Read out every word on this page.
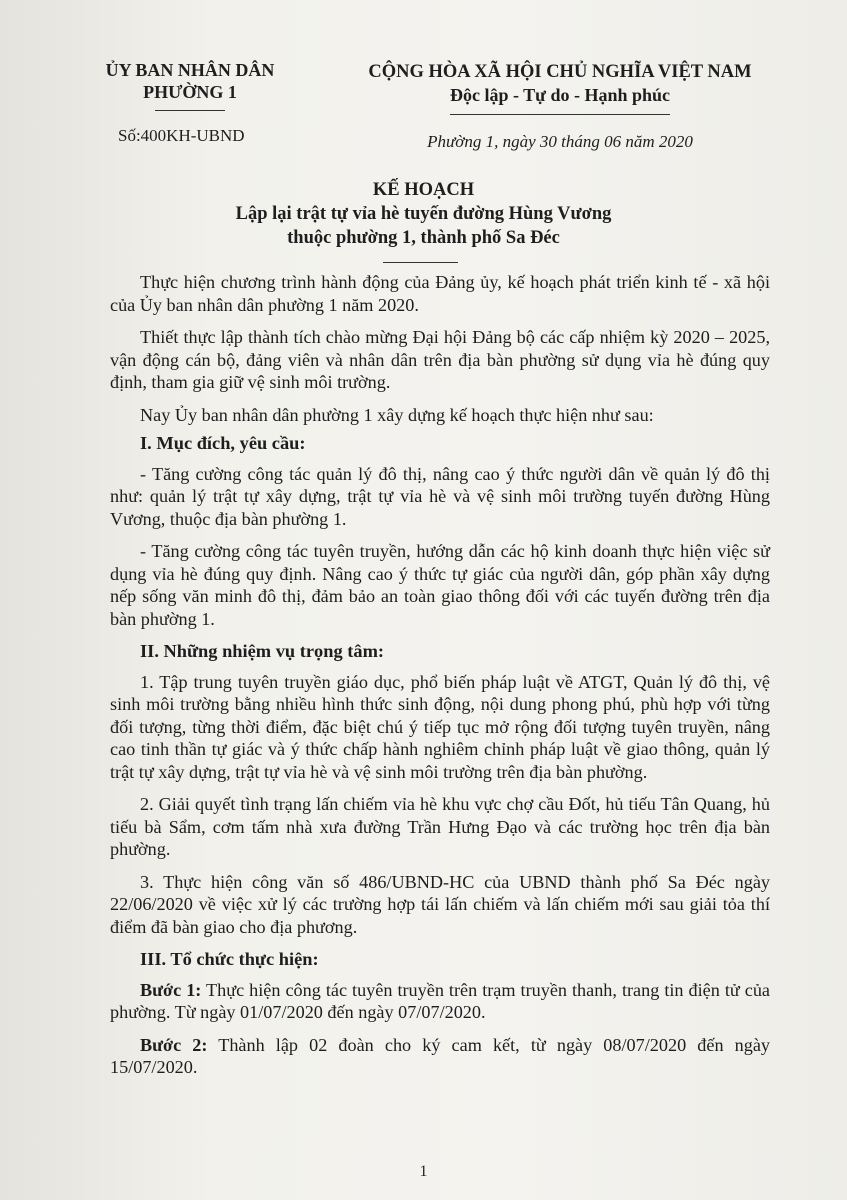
ỦY BAN NHÂN DÂN
PHƯỜNG 1
Số:400KH-UBND
CỘNG HÒA XÃ HỘI CHỦ NGHĨA VIỆT NAM
Độc lập - Tự do - Hạnh phúc
Phường 1, ngày 30 tháng 06 năm 2020
KẾ HOẠCH
Lập lại trật tự vỉa hè tuyến đường Hùng Vương
thuộc phường 1, thành phố Sa Đéc

Thực hiện chương trình hành động của Đảng ủy, kế hoạch phát triển kinh tế - xã hội của Ủy ban nhân dân phường 1 năm 2020.

Thiết thực lập thành tích chào mừng Đại hội Đảng bộ các cấp nhiệm kỳ 2020 – 2025, vận động cán bộ, đảng viên và nhân dân trên địa bàn phường sử dụng vỉa hè đúng quy định, tham gia giữ vệ sinh môi trường.

Nay Ủy ban nhân dân phường 1 xây dựng kế hoạch thực hiện như sau:

I. Mục đích, yêu cầu:

- Tăng cường công tác quản lý đô thị, nâng cao ý thức người dân về quản lý đô thị như: quản lý trật tự xây dựng, trật tự vỉa hè và vệ sinh môi trường tuyến đường Hùng Vương, thuộc địa bàn phường 1.

- Tăng cường công tác tuyên truyền, hướng dẫn các hộ kinh doanh thực hiện việc sử dụng vỉa hè đúng quy định. Nâng cao ý thức tự giác của người dân, góp phần xây dựng nếp sống văn minh đô thị, đảm bảo an toàn giao thông đối với các tuyến đường trên địa bàn phường 1.

II. Những nhiệm vụ trọng tâm:

1. Tập trung tuyên truyền giáo dục, phổ biến pháp luật về ATGT, Quản lý đô thị, vệ sinh môi trường bằng nhiều hình thức sinh động, nội dung phong phú, phù hợp với từng đối tượng, từng thời điểm, đặc biệt chú ý tiếp tục mở rộng đối tượng tuyên truyền, nâng cao tinh thần tự giác và ý thức chấp hành nghiêm chỉnh pháp luật về giao thông, quản lý trật tự xây dựng, trật tự vỉa hè và vệ sinh môi trường trên địa bàn phường.

2. Giải quyết tình trạng lấn chiếm vỉa hè khu vực chợ cầu Đốt, hủ tiếu Tân Quang, hủ tiếu bà Sẩm, cơm tấm nhà xưa đường Trần Hưng Đạo và các trường học trên địa bàn phường.

3. Thực hiện công văn số 486/UBND-HC của UBND thành phố Sa Đéc ngày 22/06/2020 về việc xử lý các trường hợp tái lấn chiếm và lấn chiếm mới sau giải tỏa thí điểm đã bàn giao cho địa phương.

III. Tổ chức thực hiện:

Bước 1: Thực hiện công tác tuyên truyền trên trạm truyền thanh, trang tin điện tử của phường. Từ ngày 01/07/2020 đến ngày 07/07/2020.

Bước 2: Thành lập 02 đoàn cho ký cam kết, từ ngày 08/07/2020 đến ngày 15/07/2020.

1
